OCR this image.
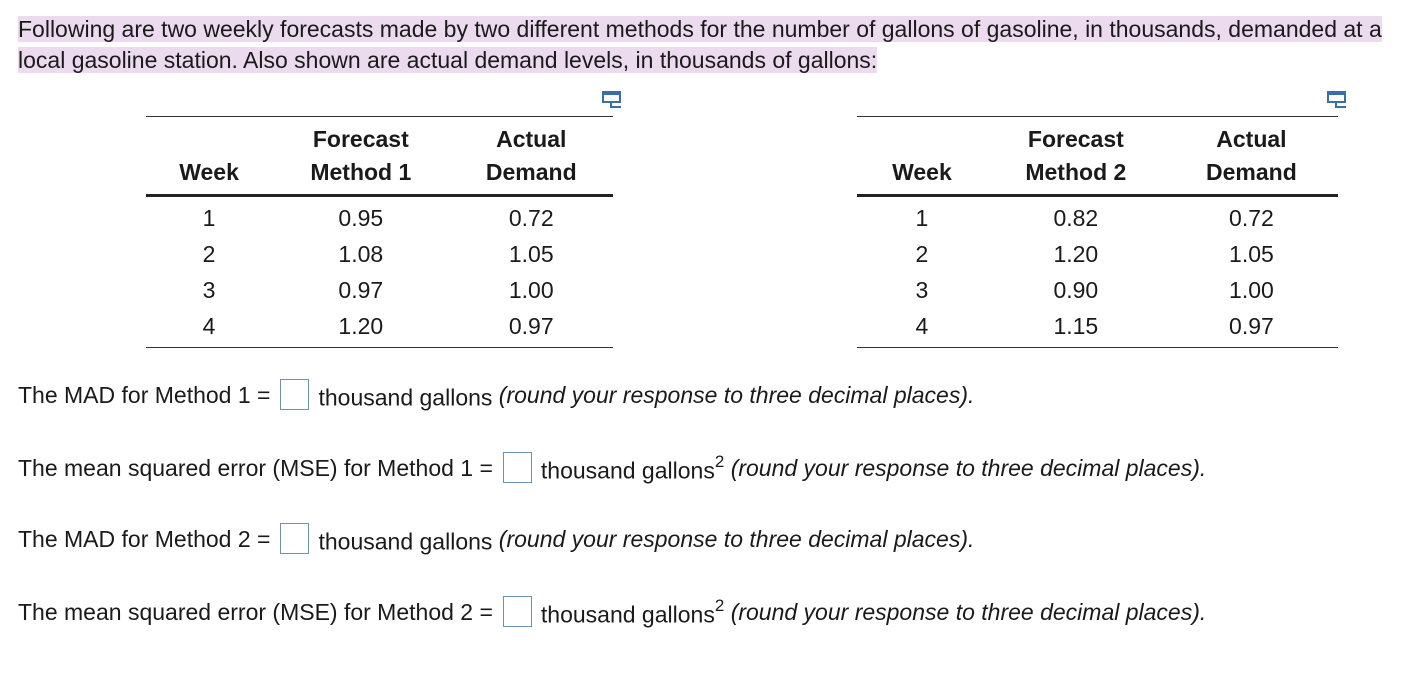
Following are two weekly forecasts made by two different methods for the number of gallons of gasoline, in thousands, demanded at a local gasoline station. Also shown are actual demand levels, in thousands of gallons:

	Forecast	Actual
Week	Method 1	Demand
1	0.95	0.72
2	1.08	1.05
3	0.97	1.00
4	1.20	0.97
	Forecast	Actual
Week	Method 2	Demand
1	0.82	0.72
2	1.20	1.05
3	0.90	1.00
4	1.15	0.97
The MAD for Method 1 = thousand gallons
(round your response to three decimal places).
The mean squared error (MSE) for Method 1 = thousand gallons$^2$
(round your response to three decimal places).
The MAD for Method 2 = thousand gallons
(round your response to three decimal places).
The mean squared error (MSE) for Method 2 = thousand gallons$^2$
(round your response to three decimal places).
